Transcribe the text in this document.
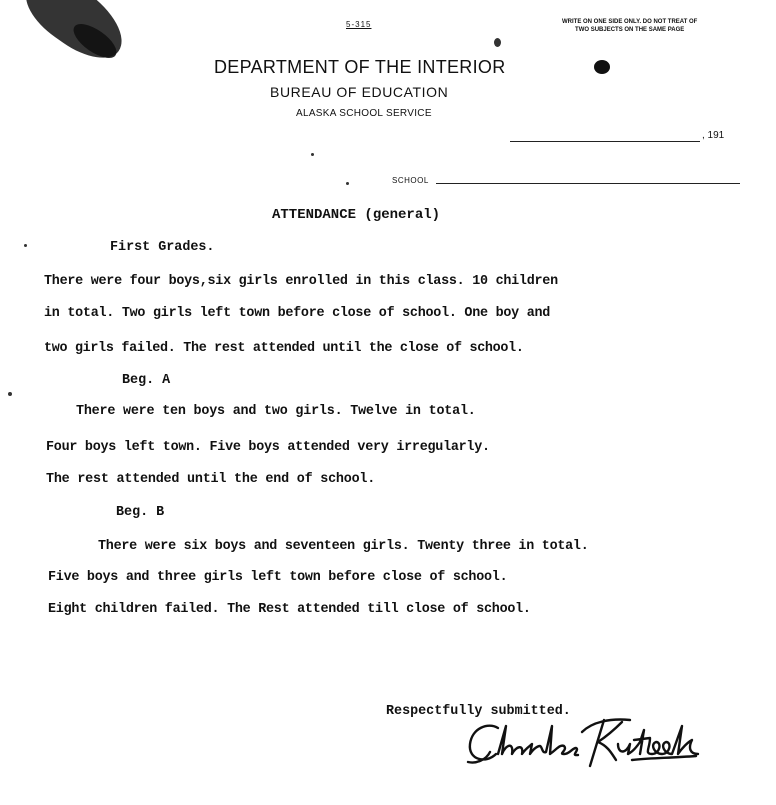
5-315	WRITE ON ONE SIDE ONLY. DO NOT TREAT OF
TWO SUBJECTS ON THE SAME PAGE
DEPARTMENT OF THE INTERIOR
BUREAU OF EDUCATION
ALASKA SCHOOL SERVICE
, 191
SCHOOL
ATTENDANCE (general)
First Grades.
There were four boys,six girls enrolled in this class. 10 children
in total. Two girls left town before close of school. One boy and
two girls failed. The rest attended until the close of school.
Beg. A
There were ten boys and two girls. Twelve in total.
Four boys left town. Five boys attended very irregularly.
The rest attended until the end of school.
Beg. B
There were six boys and seventeen girls. Twenty three in total.
Five boys and three girls left town before close of school.
Eight children failed. The Rest attended till close of school.
Respectfully submitted.
